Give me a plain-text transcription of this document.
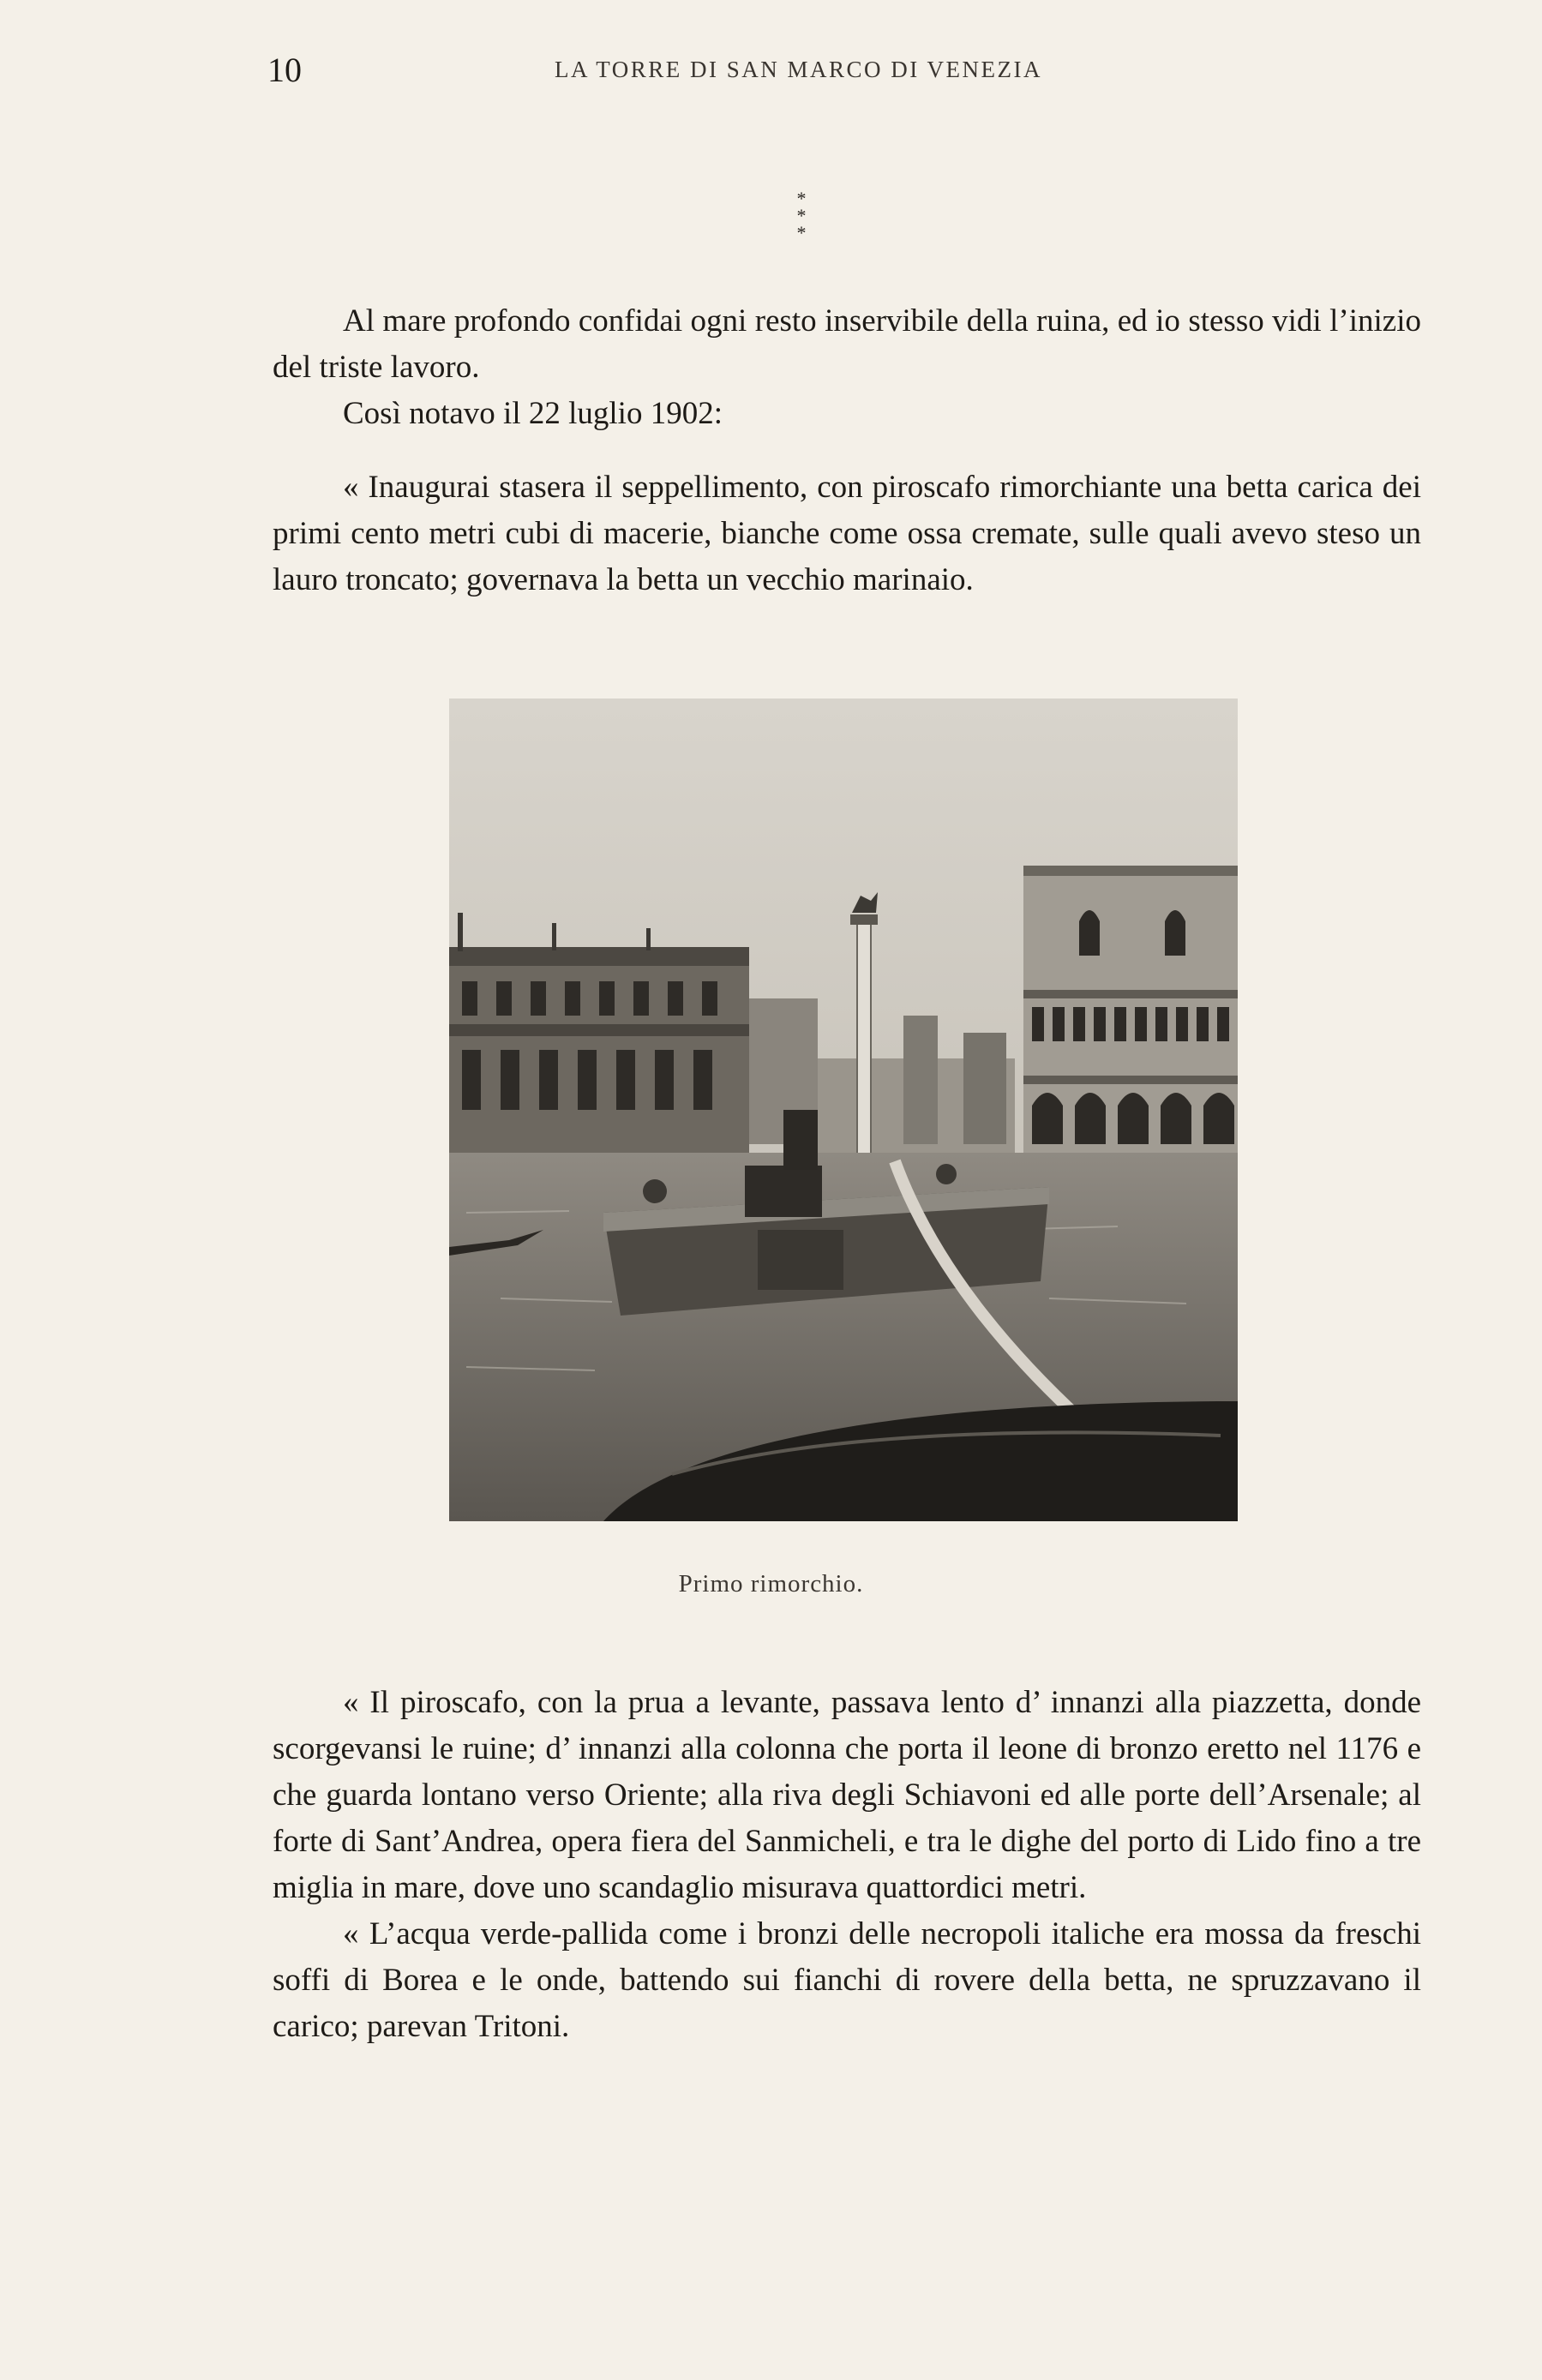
10	LA TORRE DI SAN MARCO DI VENEZIA
*
* *

Al mare profondo confidai ogni resto inservibile della ruina, ed io stesso vidi l’inizio del triste lavoro.

Così notavo il 22 luglio 1902:

« Inaugurai stasera il seppellimento, con piroscafo rimorchiante una betta carica dei primi cento metri cubi di macerie, bianche come ossa cremate, sulle quali avevo steso un lauro troncato; governava la betta un vecchio marinaio.

Primo rimorchio.

« Il piroscafo, con la prua a levante, passava lento d’ innanzi alla piazzetta, donde scorgevansi le ruine; d’ innanzi alla colonna che porta il leone di bronzo eretto nel 1176 e che guarda lontano verso Oriente; alla riva degli Schiavoni ed alle porte dell’Arsenale; al forte di Sant’Andrea, opera fiera del Sanmicheli, e tra le dighe del porto di Lido fino a tre miglia in mare, dove uno scandaglio misurava quattordici metri.

« L’acqua verde-pallida come i bronzi delle necropoli italiche era mossa da freschi soffi di Borea e le onde, battendo sui fianchi di rovere della betta, ne spruzzavano il carico; parevan Tritoni.
